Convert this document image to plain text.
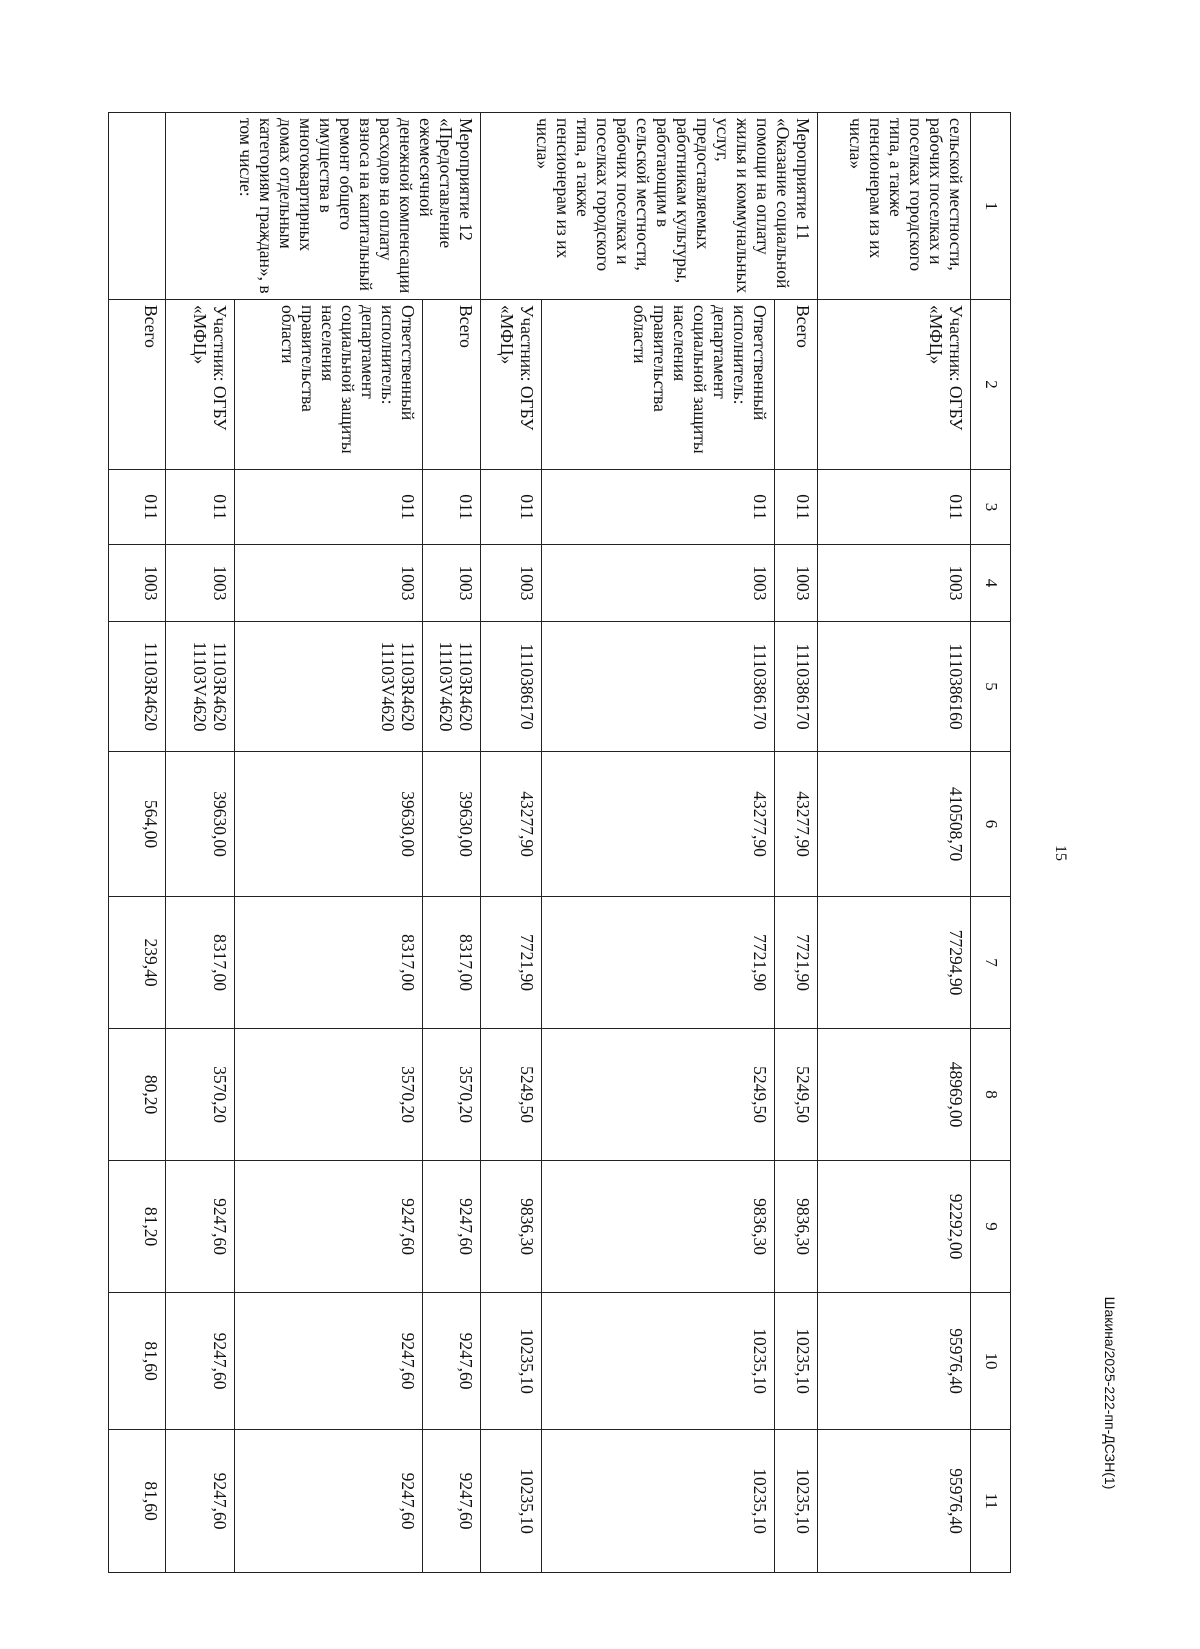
15
Шакина/2025-222-пп-ДСЗН(1)
1	2	3	4	5	6	7	8	9	10	11
сельской местности, рабочих поселках и поселках городского типа, а также пенсионерам из их числа»	Участник: ОГБУ «МФЦ»	011	1003	1110386160	410508,70	77294,90	48969,00	92292,00	95976,40	95976,40
Мероприятие 11 «Оказание социальной помощи на оплату жилья и коммунальных услуг, предоставляемых работникам культуры, работающим в сельской местности, рабочих поселках и поселках городского типа, а также пенсионерам из их числа»	Всего	011	1003	1110386170	43277,90	7721,90	5249,50	9836,30	10235,10	10235,10
	Ответственный исполнитель: департамент социальной защиты населения правительства области	011	1003	1110386170	43277,90	7721,90	5249,50	9836,30	10235,10	10235,10
	Участник: ОГБУ «МФЦ»	011	1003	1110386170	43277,90	7721,90	5249,50	9836,30	10235,10	10235,10
Мероприятие 12 «Предоставление ежемесячной денежной компенсации расходов на оплату взноса на капитальный ремонт общего имущества в многоквартирных домах отдельным категориям граждан», в том числе:	Всего	011	1003	11103R4620
11103V4620	39630,00	8317,00	3570,20	9247,60	9247,60	9247,60
	Ответственный исполнитель: департамент социальной защиты населения правительства области	011	1003	11103R4620
11103V4620	39630,00	8317,00	3570,20	9247,60	9247,60	9247,60
	Участник: ОГБУ «МФЦ»	011	1003	11103R4620
11103V4620	39630,00	8317,00	3570,20	9247,60	9247,60	9247,60
	Всего	011	1003	11103R4620	564,00	239,40	80,20	81,20	81,60	81,60
